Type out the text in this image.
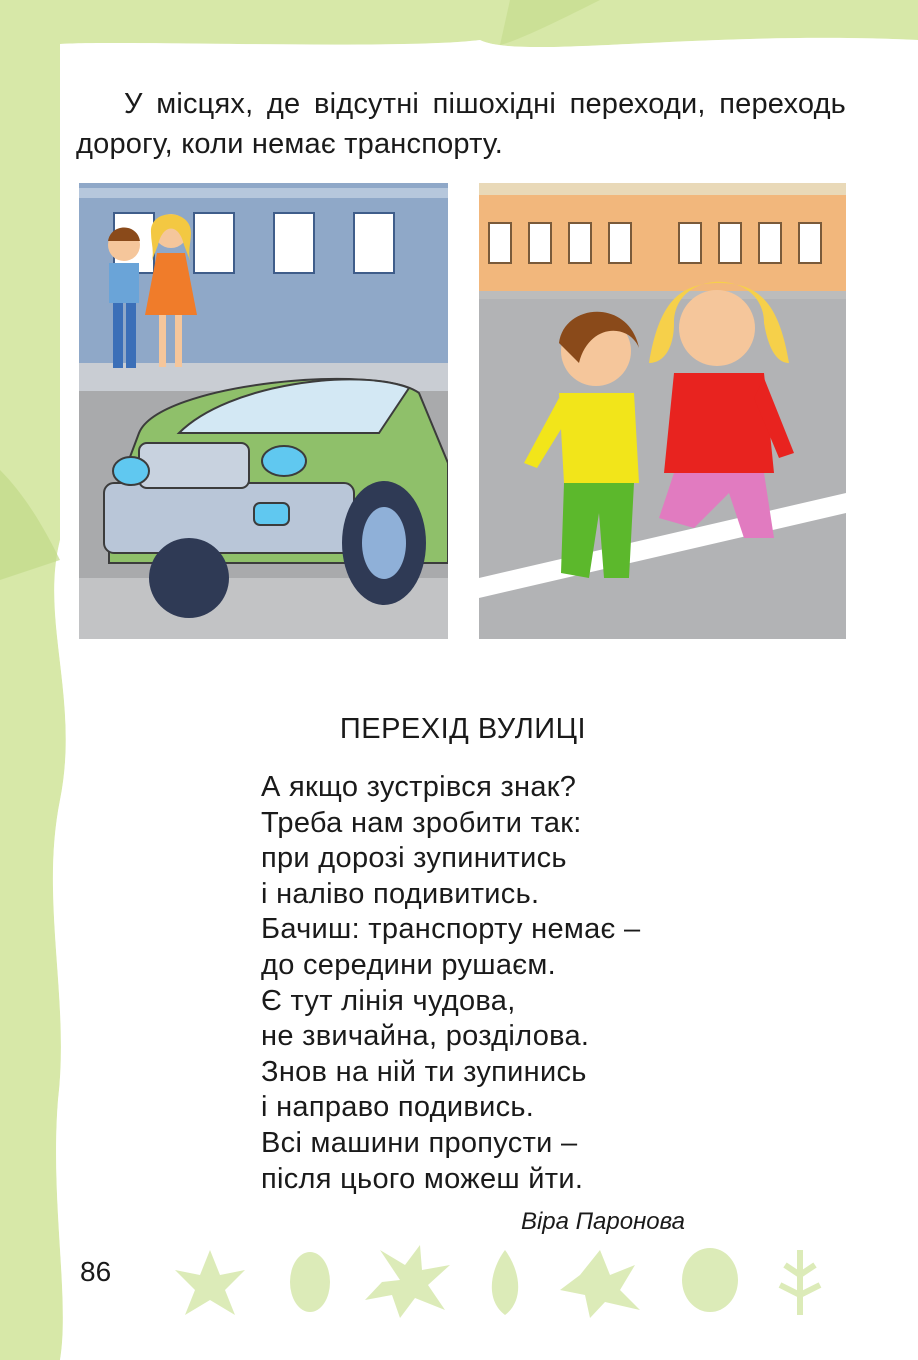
У місцях, де відсутні пішохідні переходи, переходь дорогу, коли немає транспорту.
ПЕРЕХІД ВУЛИЦІ
А якщо зустрівся знак?
Треба нам зробити так:
при дорозі зупинитись
і наліво подивитись.
Бачиш: транспорту немає –
до середини рушаєм.
Є тут лінія чудова,
не звичайна, розділова.
Знов на ній ти зупинись
і направо подивись.
Всі машини пропусти –
після цього можеш йти.
Віра Паронова
86
